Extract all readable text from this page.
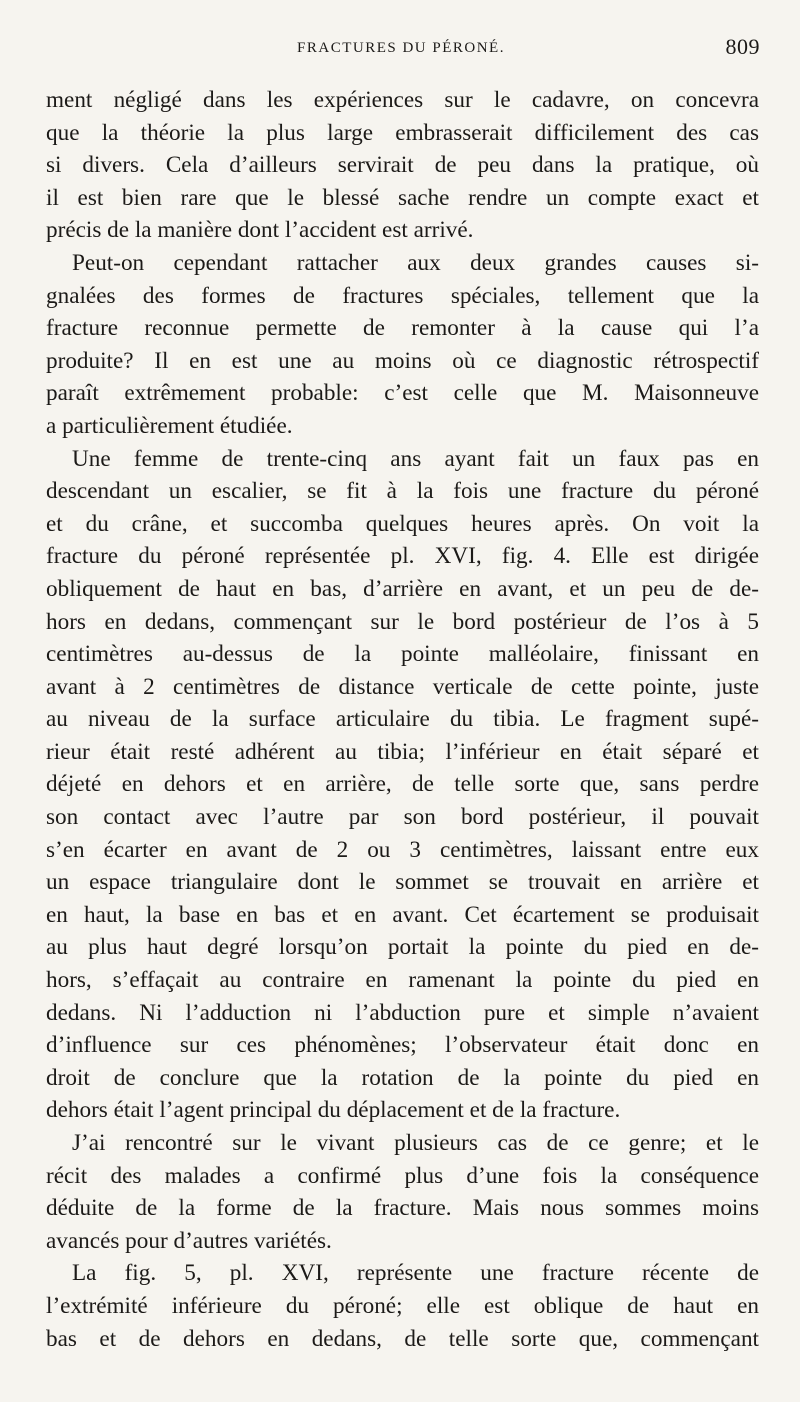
FRACTURES DU PÉRONÉ.	809
ment négligé dans les expériences sur le cadavre, on concevra
que la théorie la plus large embrasserait difficilement des cas
si divers. Cela d’ailleurs servirait de peu dans la pratique, où
il est bien rare que le blessé sache rendre un compte exact et
précis de la manière dont l’accident est arrivé.
Peut-on cependant rattacher aux deux grandes causes si-
gnalées des formes de fractures spéciales, tellement que la
fracture reconnue permette de remonter à la cause qui l’a
produite? Il en est une au moins où ce diagnostic rétrospectif
paraît extrêmement probable: c’est celle que M. Maisonneuve
a particulièrement étudiée.
Une femme de trente-cinq ans ayant fait un faux pas en
descendant un escalier, se fit à la fois une fracture du péroné
et du crâne, et succomba quelques heures après. On voit la
fracture du péroné représentée pl. XVI, fig. 4. Elle est dirigée
obliquement de haut en bas, d’arrière en avant, et un peu de de-
hors en dedans, commençant sur le bord postérieur de l’os à 5
centimètres au-dessus de la pointe malléolaire, finissant en
avant à 2 centimètres de distance verticale de cette pointe, juste
au niveau de la surface articulaire du tibia. Le fragment supé-
rieur était resté adhérent au tibia; l’inférieur en était séparé et
déjeté en dehors et en arrière, de telle sorte que, sans perdre
son contact avec l’autre par son bord postérieur, il pouvait
s’en écarter en avant de 2 ou 3 centimètres, laissant entre eux
un espace triangulaire dont le sommet se trouvait en arrière et
en haut, la base en bas et en avant. Cet écartement se produisait
au plus haut degré lorsqu’on portait la pointe du pied en de-
hors, s’effaçait au contraire en ramenant la pointe du pied en
dedans. Ni l’adduction ni l’abduction pure et simple n’avaient
d’influence sur ces phénomènes; l’observateur était donc en
droit de conclure que la rotation de la pointe du pied en
dehors était l’agent principal du déplacement et de la fracture.
J’ai rencontré sur le vivant plusieurs cas de ce genre; et le
récit des malades a confirmé plus d’une fois la conséquence
déduite de la forme de la fracture. Mais nous sommes moins
avancés pour d’autres variétés.
La fig. 5, pl. XVI, représente une fracture récente de
l’extrémité inférieure du péroné; elle est oblique de haut en
bas et de dehors en dedans, de telle sorte que, commençant
